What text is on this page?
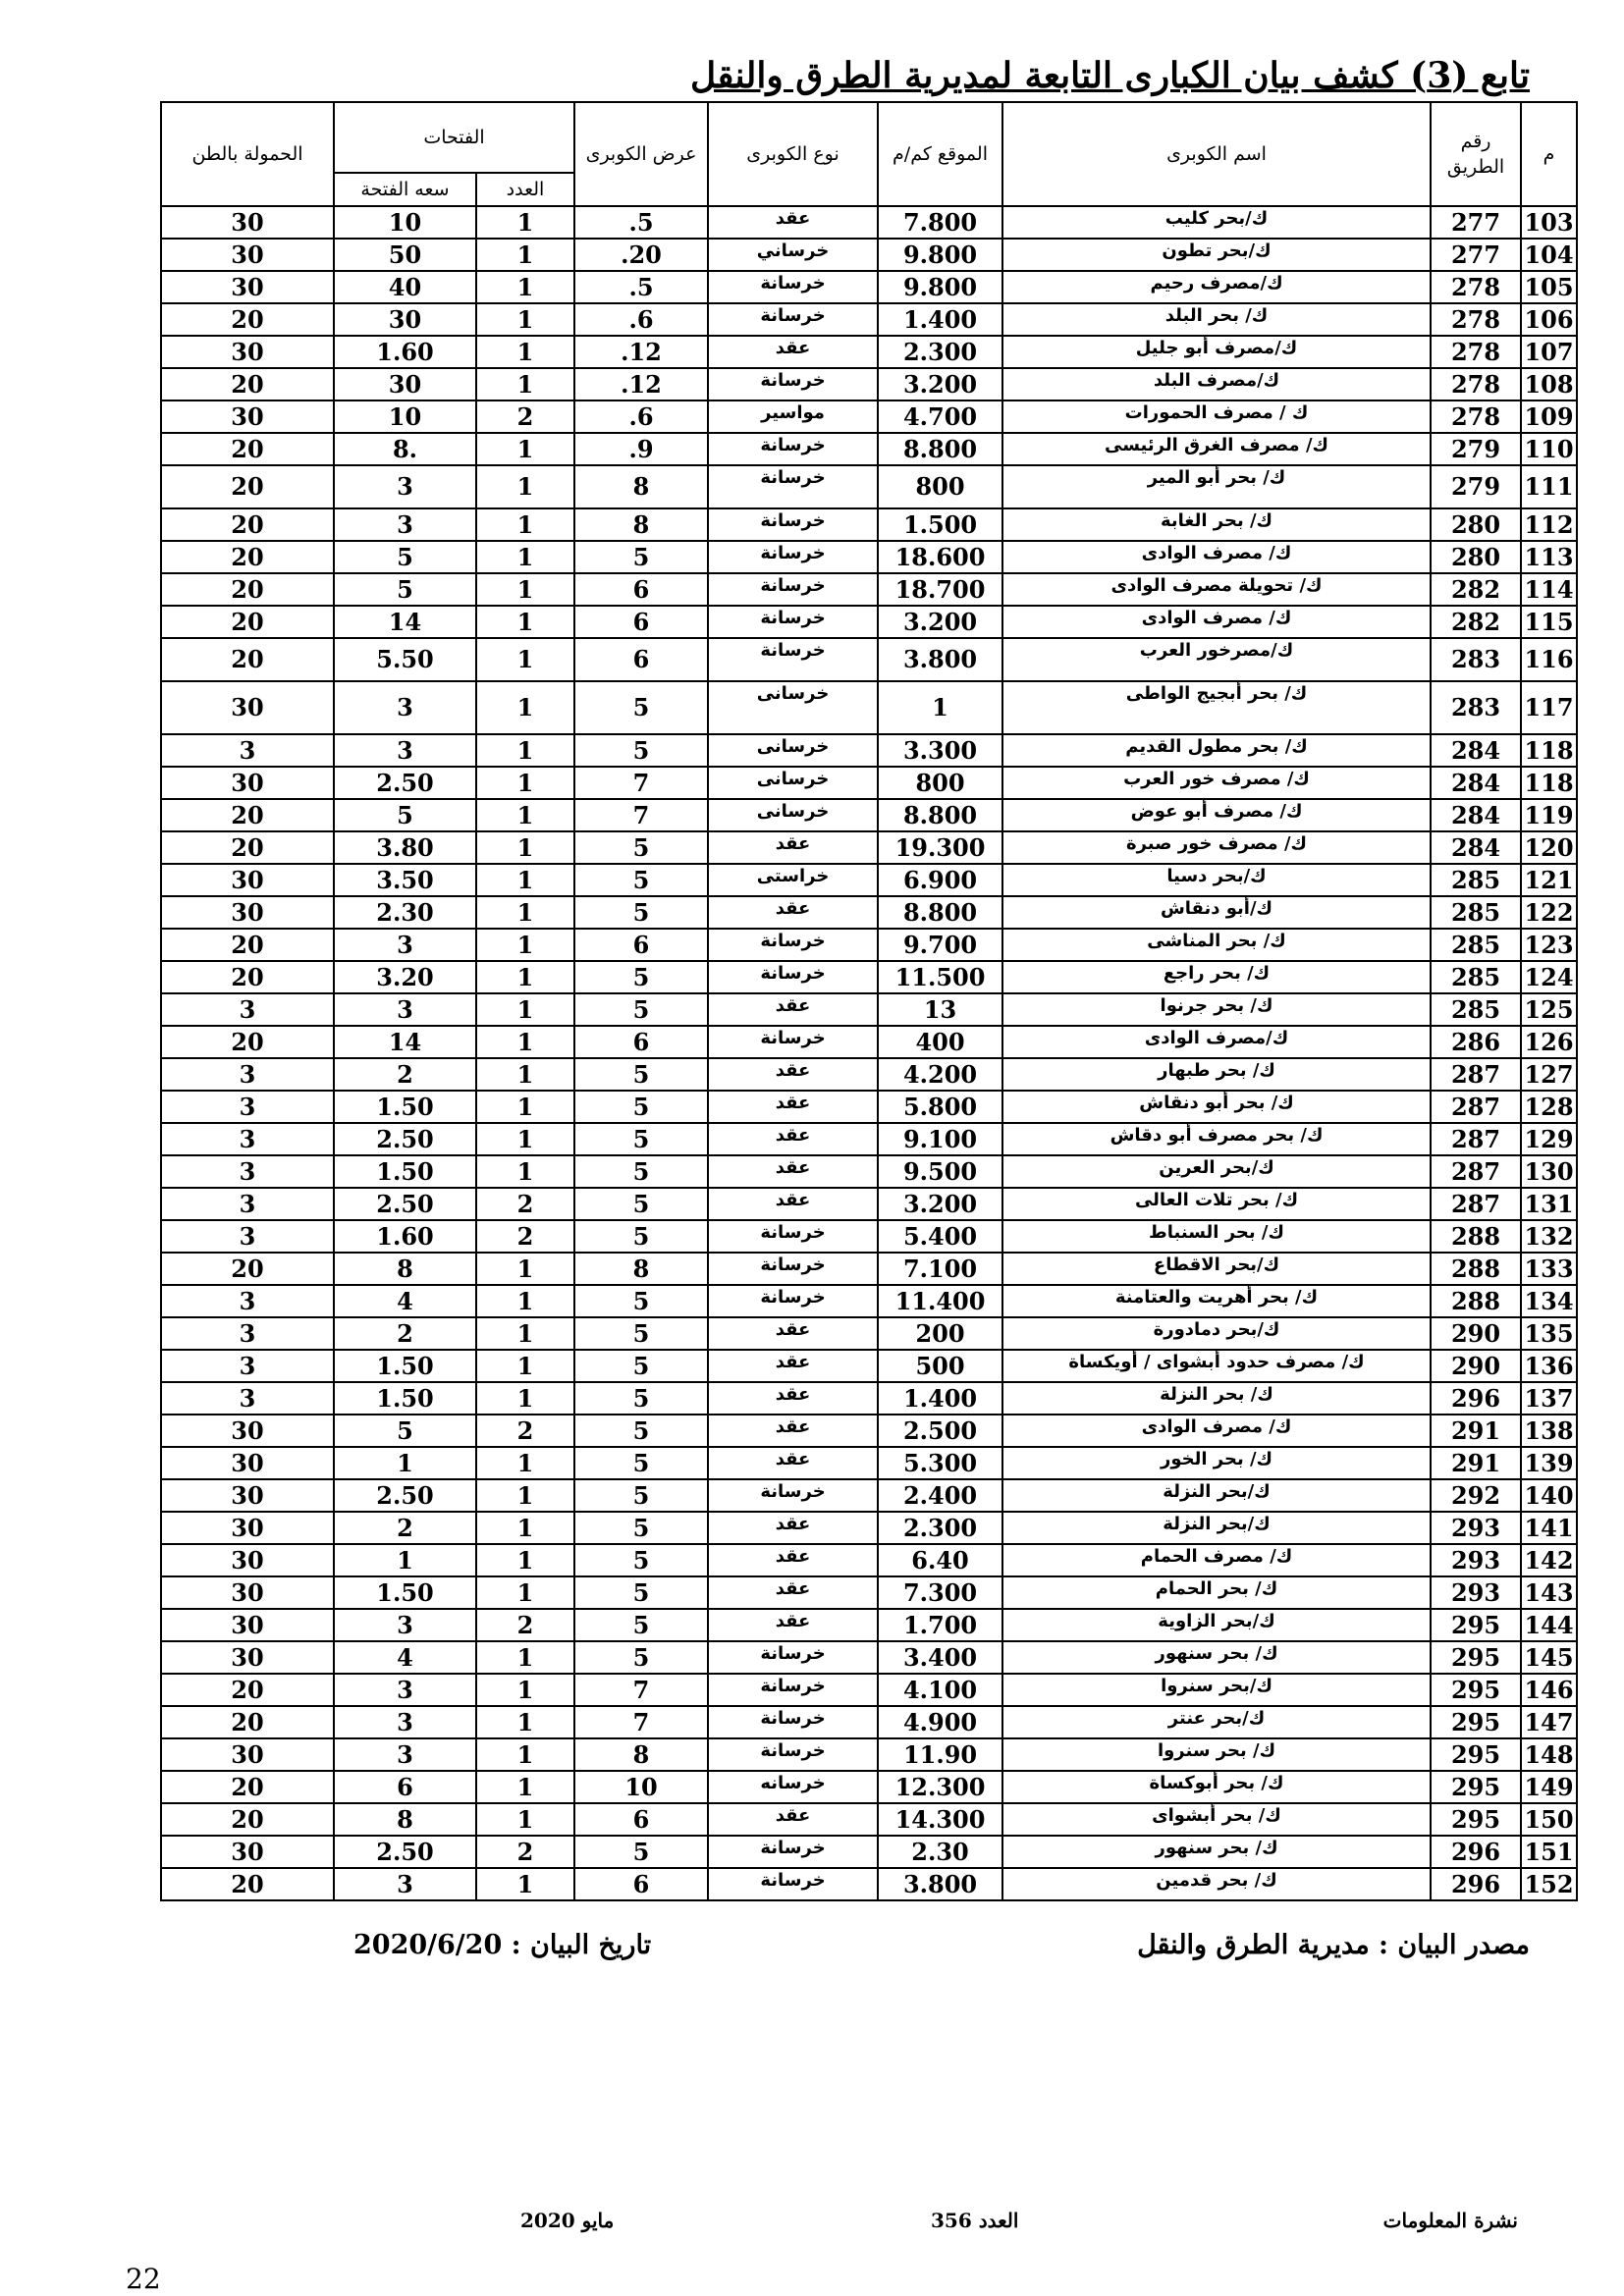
تابع (3) كشف بيان الكبارى التابعة لمديرية الطرق والنقل
م	رقم الطريق	اسم الكوبرى	الموقع كم/م	نوع الكوبرى	عرض الكوبرى	الفتحات		الحمولة بالطن
						العدد	سعه الفتحة	
103	277	ك/بحر كليب	7.800	عقد	5.	1	10	30
104	277	ك/بحر تطون	9.800	خرساني	20.	1	50	30
105	278	ك/مصرف رحيم	9.800	خرسانة	5.	1	40	30
106	278	ك/ بحر البلد	1.400	خرسانة	6.	1	30	20
107	278	ك/مصرف أبو جليل	2.300	عقد	12.	1	1.60	30
108	278	ك/مصرف البلد	3.200	خرسانة	12.	1	30	20
109	278	ك / مصرف الحمورات	4.700	مواسير	6.	2	10	30
110	279	ك/ مصرف الغرق الرئيسى	8.800	خرسانة	9.	1	.8	20
111	279	ك/ بحر أبو المير	800	خرسانة	8	1	3	20
112	280	ك/ بحر الغابة	1.500	خرسانة	8	1	3	20
113	280	ك/ مصرف الوادى	18.600	خرسانة	5	1	5	20
114	282	ك/ تحويلة مصرف الوادى	18.700	خرسانة	6	1	5	20
115	282	ك/ مصرف الوادى	3.200	خرسانة	6	1	14	20
116	283	ك/مصرخور العرب	3.800	خرسانة	6	1	5.50	20
117	283	ك/ بحر أبجيج الواطى	1	خرسانى	5	1	3	30
118	284	ك/ بحر مطول القديم	3.300	خرسانى	5	1	3	3
118	284	ك/ مصرف خور العرب	800	خرسانى	7	1	2.50	30
119	284	ك/ مصرف أبو عوض	8.800	خرسانى	7	1	5	20
120	284	ك/ مصرف خور صبرة	19.300	عقد	5	1	3.80	20
121	285	ك/بحر دسيا	6.900	خراستى	5	1	3.50	30
122	285	ك/أبو دنقاش	8.800	عقد	5	1	2.30	30
123	285	ك/ بحر المناشى	9.700	خرسانة	6	1	3	20
124	285	ك/ بحر راجع	11.500	خرسانة	5	1	3.20	20
125	285	ك/ بحر جرنوا	13	عقد	5	1	3	3
126	286	ك/مصرف الوادى	400	خرسانة	6	1	14	20
127	287	ك/ بحر طبهار	4.200	عقد	5	1	2	3
128	287	ك/ بحر أبو دنقاش	5.800	عقد	5	1	1.50	3
129	287	ك/ بحر مصرف أبو دقاش	9.100	عقد	5	1	2.50	3
130	287	ك/بحر العرين	9.500	عقد	5	1	1.50	3
131	287	ك/ بحر تلات العالى	3.200	عقد	5	2	2.50	3
132	288	ك/ بحر السنباط	5.400	خرسانة	5	2	1.60	3
133	288	ك/بحر الاقطاع	7.100	خرسانة	8	1	8	20
134	288	ك/ بحر أهريت والعتامنة	11.400	خرسانة	5	1	4	3
135	290	ك/بحر دمادورة	200	عقد	5	1	2	3
136	290	ك/ مصرف حدود أبشواى / أويكساة	500	عقد	5	1	1.50	3
137	296	ك/ بحر النزلة	1.400	عقد	5	1	1.50	3
138	291	ك/ مصرف الوادى	2.500	عقد	5	2	5	30
139	291	ك/ بحر الخور	5.300	عقد	5	1	1	30
140	292	ك/بحر النزلة	2.400	خرسانة	5	1	2.50	30
141	293	ك/بحر النزلة	2.300	عقد	5	1	2	30
142	293	ك/ مصرف الحمام	6.40	عقد	5	1	1	30
143	293	ك/ بحر الحمام	7.300	عقد	5	1	1.50	30
144	295	ك/بحر الزاوية	1.700	عقد	5	2	3	30
145	295	ك/ بحر سنهور	3.400	خرسانة	5	1	4	30
146	295	ك/بحر سنروا	4.100	خرسانة	7	1	3	20
147	295	ك/بحر عنتر	4.900	خرسانة	7	1	3	20
148	295	ك/ بحر سنروا	11.90	خرسانة	8	1	3	30
149	295	ك/ بحر أبوكساة	12.300	خرسانه	10	1	6	20
150	295	ك/ بحر أبشواى	14.300	عقد	6	1	8	20
151	296	ك/ بحر سنهور	2.30	خرسانة	5	2	2.50	30
152	296	ك/ بحر قدمين	3.800	خرسانة	6	1	3	20
مصدر البيان : مديرية الطرق والنقل
تاريخ البيان : 2020/6/20
نشرة المعلومات
العدد 356
مايو 2020
22
